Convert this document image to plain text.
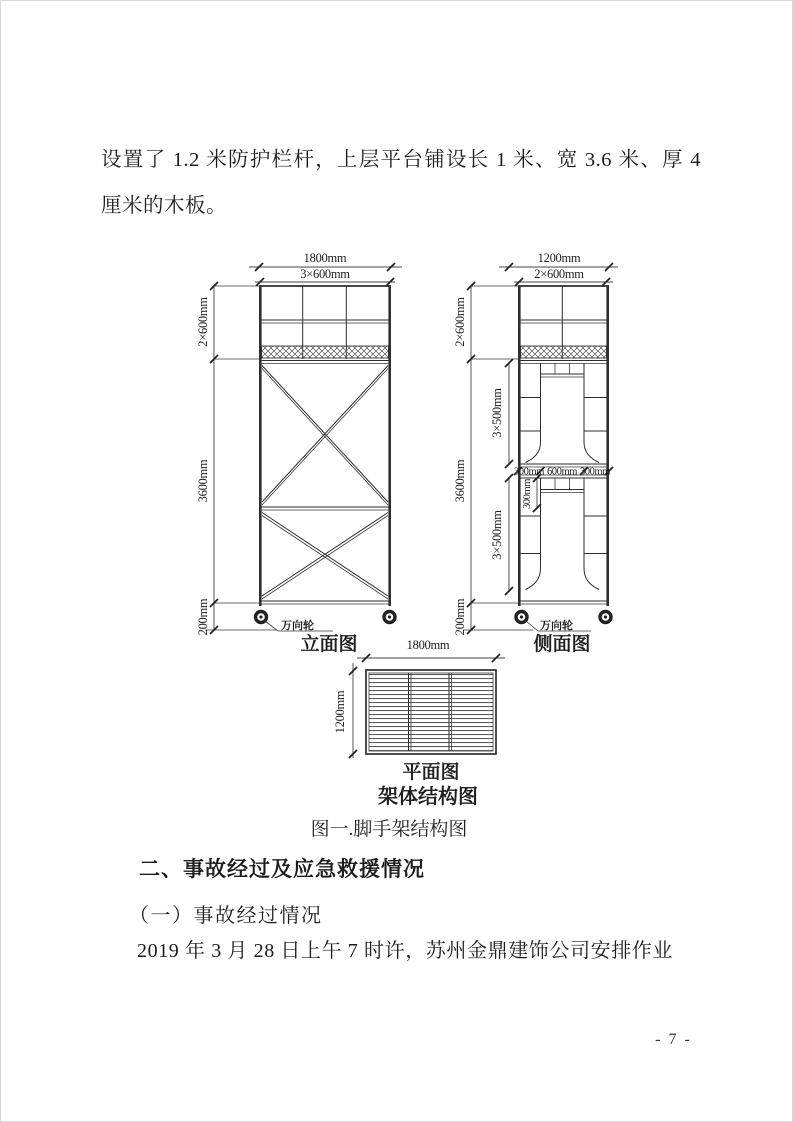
设置了 1.2 米防护栏杆，上层平台铺设长 1 米、宽 3.6 米、厚 4 厘米的木板。

1800mm
3×600mm
2×600mm
3600mm
200mm	万向轮
立面图
1200mm
2×600mm
2×600mm
3600mm
200mm
3×500mm
3×500mm
300mm 600mm 300mm
300mm
万向轮
侧面图
1800mm
1200mm
平面图
架体结构图
图一.脚手架结构图
二、事故经过及应急救援情况

（一）事故经过情况

2019 年 3 月 28 日上午 7 时许，苏州金鼎建饰公司安排作业

- 7 -
